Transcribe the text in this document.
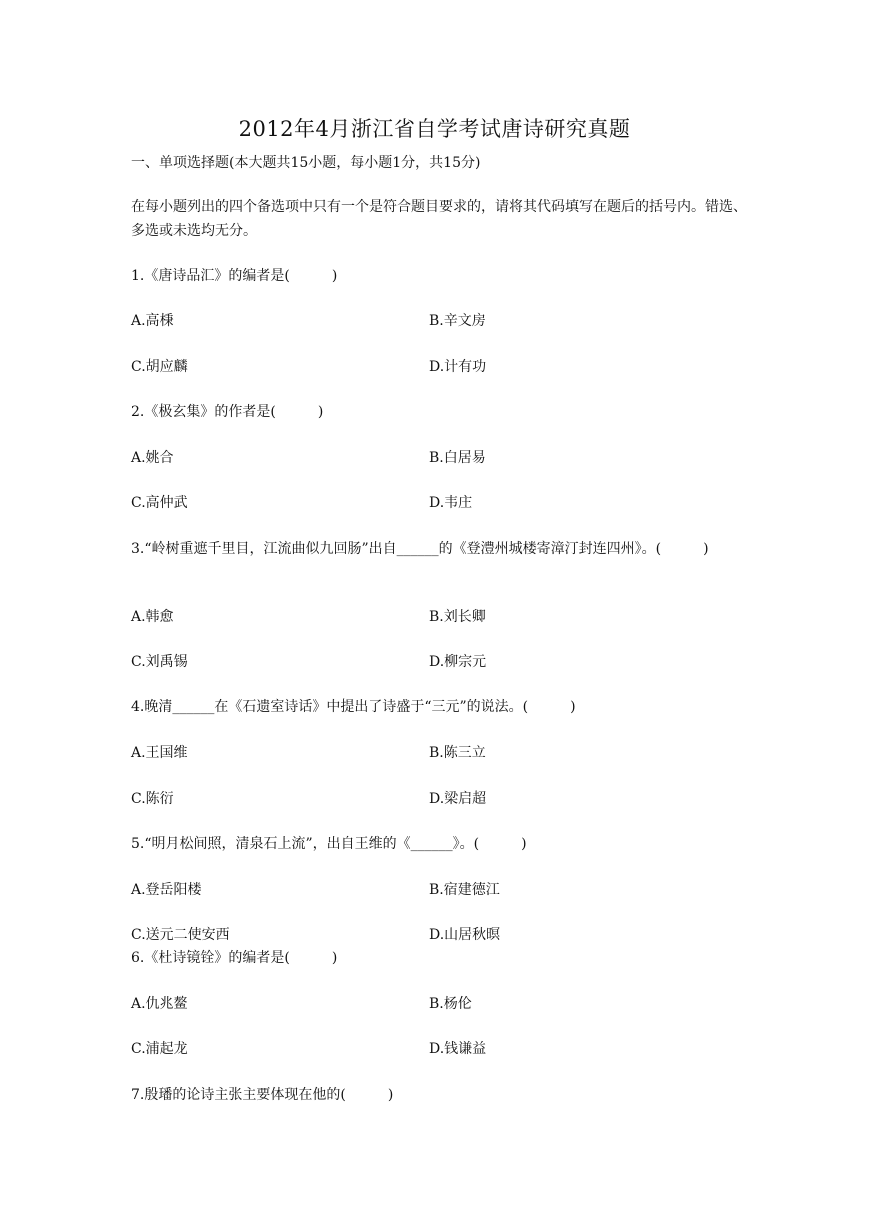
2012年4月浙江省自学考试唐诗研究真题
一、单项选择题(本大题共15小题，每小题1分，共15分)
在每小题列出的四个备选项中只有一个是符合题目要求的，请将其代码填写在题后的括号内。错选、多选或未选均无分。
1.《唐诗品汇》的编者是(　　　)
A.高棅	B.辛文房
C.胡应麟	D.计有功
2.《极玄集》的作者是(　　　)
A.姚合	B.白居易
C.高仲武	D.韦庄
3.“岭树重遮千里目，江流曲似九回肠”出自______的《登澧州城楼寄漳汀封连四州》。(　　　)
A.韩愈	B.刘长卿
C.刘禹锡	D.柳宗元
4.晚清______在《石遗室诗话》中提出了诗盛于“三元”的说法。(　　　)
A.王国维	B.陈三立
C.陈衍	D.梁启超
5.“明月松间照，清泉石上流”，出自王维的《______》。(　　　)
A.登岳阳楼	B.宿建德江
C.送元二使安西	D.山居秋暝
6.《杜诗镜铨》的编者是(　　　)
A.仇兆鳌	B.杨伦
C.浦起龙	D.钱谦益
7.殷璠的论诗主张主要体现在他的(　　　)
